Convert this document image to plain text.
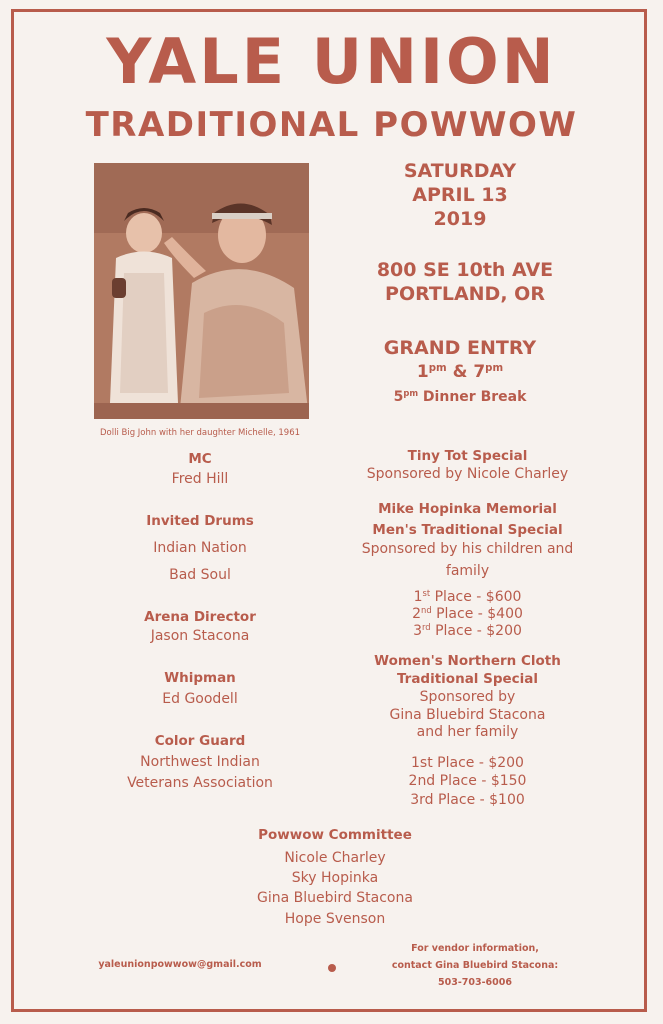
YALE UNION
TRADITIONAL POWWOW
Dolli Big John with her daughter Michelle, 1961
SATURDAY
APRIL 13
2019
800 SE 10th AVE
PORTLAND, OR
GRAND ENTRY
$1^{pm}$ & $7^{pm}$
$5^{pm}$ Dinner Break
MC
Fred Hill
Invited Drums
Indian Nation
Bad Soul
Arena Director
Jason Stacona
Whipman
Ed Goodell
Color Guard
Northwest Indian
Veterans Association
Tiny Tot Special
Sponsored by Nicole Charley
Mike Hopinka Memorial
Men's Traditional Special
Sponsored by his children and
family
1st Place - $600
2nd Place - $400
3rd Place - $200
Women's Northern Cloth
Traditional Special
Sponsored by
Gina Bluebird Stacona
and her family
1st Place - $200
2nd Place - $150
3rd Place - $100
Powwow Committee
Nicole Charley
Sky Hopinka
Gina Bluebird Stacona
Hope Svenson
yaleunionpowwow@gmail.com
For vendor information,
contact Gina Bluebird Stacona:
503-703-6006
